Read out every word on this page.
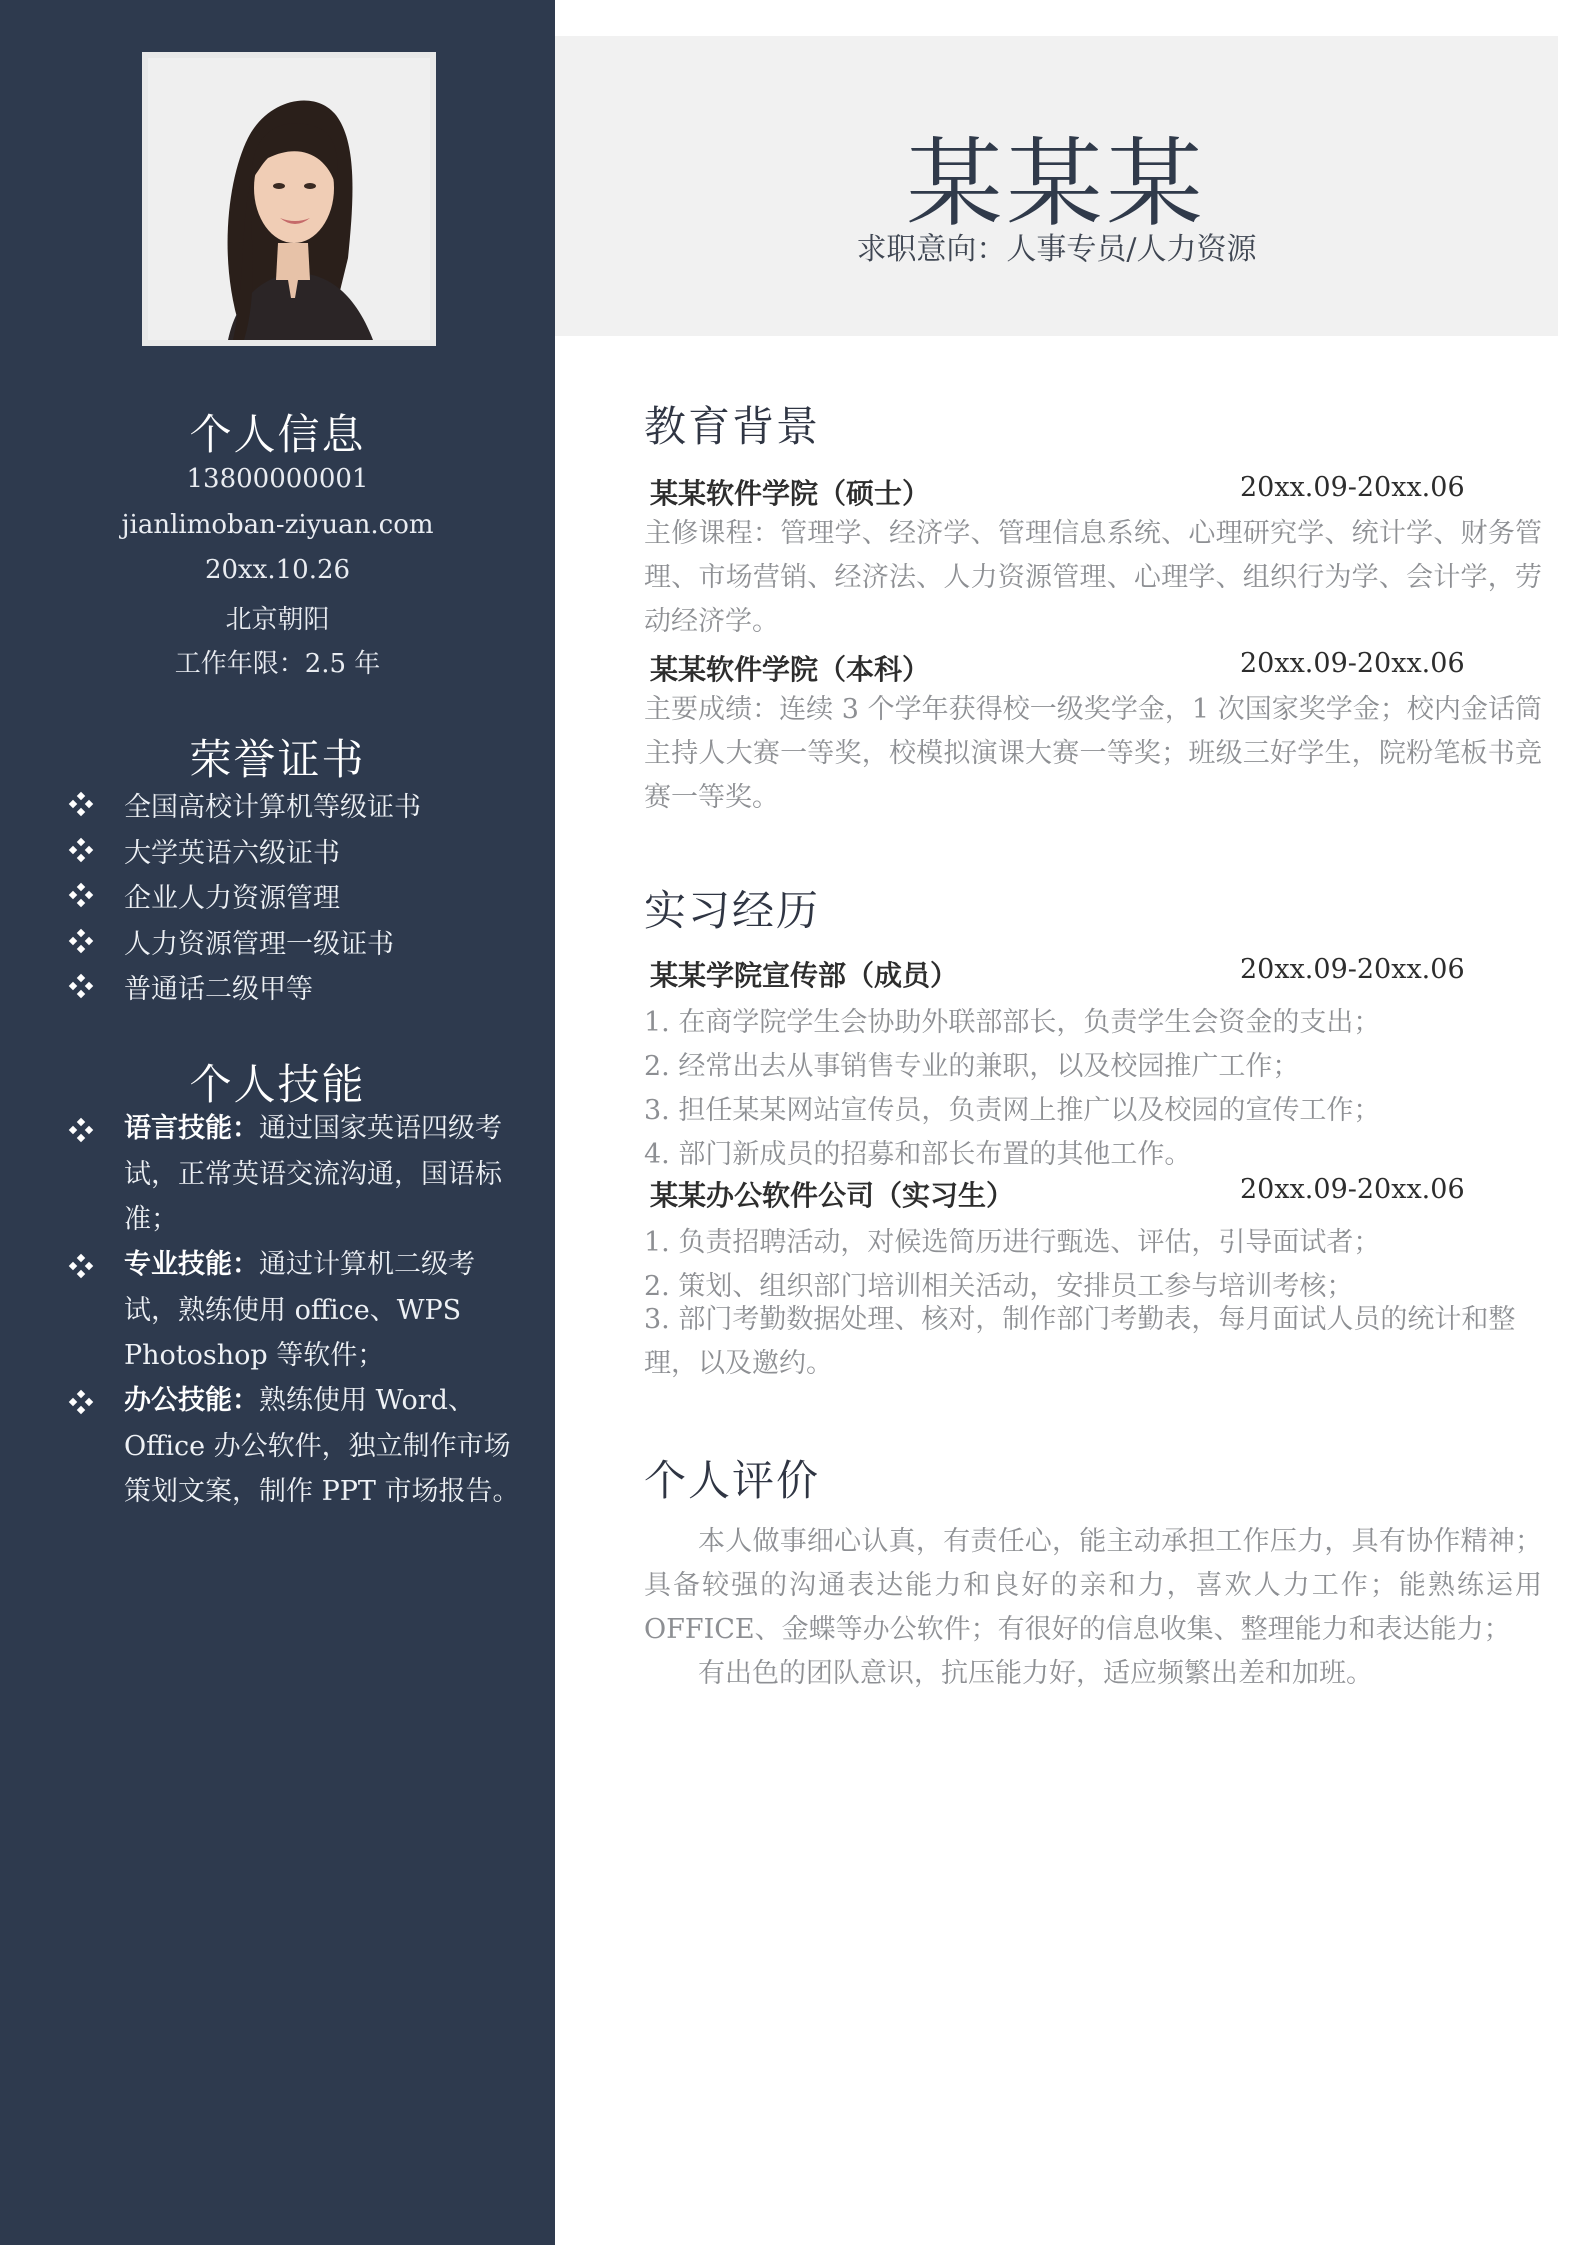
个人信息
13800000001
jianlimoban-ziyuan.com
20xx.10.26
北京朝阳
工作年限：2.5 年
荣誉证书
全国高校计算机等级证书
大学英语六级证书
企业人力资源管理
人力资源管理一级证书
普通话二级甲等
个人技能
语言技能：通过国家英语四级考试，正常英语交流沟通，国语标准；
专业技能：通过计算机二级考试，熟练使用 office、WPS Photoshop 等软件；
办公技能：熟练使用 Word、Office 办公软件，独立制作市场策划文案，制作 PPT 市场报告。
某某某
求职意向：人事专员/人力资源
教育背景
某某软件学院（硕士）	20xx.09-20xx.06
主修课程：管理学、经济学、管理信息系统、心理研究学、统计学、财务管理、市场营销、经济法、人力资源管理、心理学、组织行为学、会计学，劳动经济学。
某某软件学院（本科）	20xx.09-20xx.06
主要成绩：连续 3 个学年获得校一级奖学金，1 次国家奖学金；校内金话筒主持人大赛一等奖，校模拟演课大赛一等奖；班级三好学生，院粉笔板书竞赛一等奖。
实习经历
某某学院宣传部（成员）	20xx.09-20xx.06
1. 在商学院学生会协助外联部部长，负责学生会资金的支出；
2. 经常出去从事销售专业的兼职，以及校园推广工作；
3. 担任某某网站宣传员，负责网上推广以及校园的宣传工作；
4. 部门新成员的招募和部长布置的其他工作。
某某办公软件公司（实习生）	20xx.09-20xx.06
1. 负责招聘活动，对候选简历进行甄选、评估，引导面试者；
2. 策划、组织部门培训相关活动，安排员工参与培训考核；
3. 部门考勤数据处理、核对，制作部门考勤表，每月面试人员的统计和整理，以及邀约。
个人评价
本人做事细心认真，有责任心，能主动承担工作压力，具有协作精神；具备较强的沟通表达能力和良好的亲和力，喜欢人力工作；能熟练运用OFFICE、金蝶等办公软件；有很好的信息收集、整理能力和表达能力；
有出色的团队意识，抗压能力好，适应频繁出差和加班。
